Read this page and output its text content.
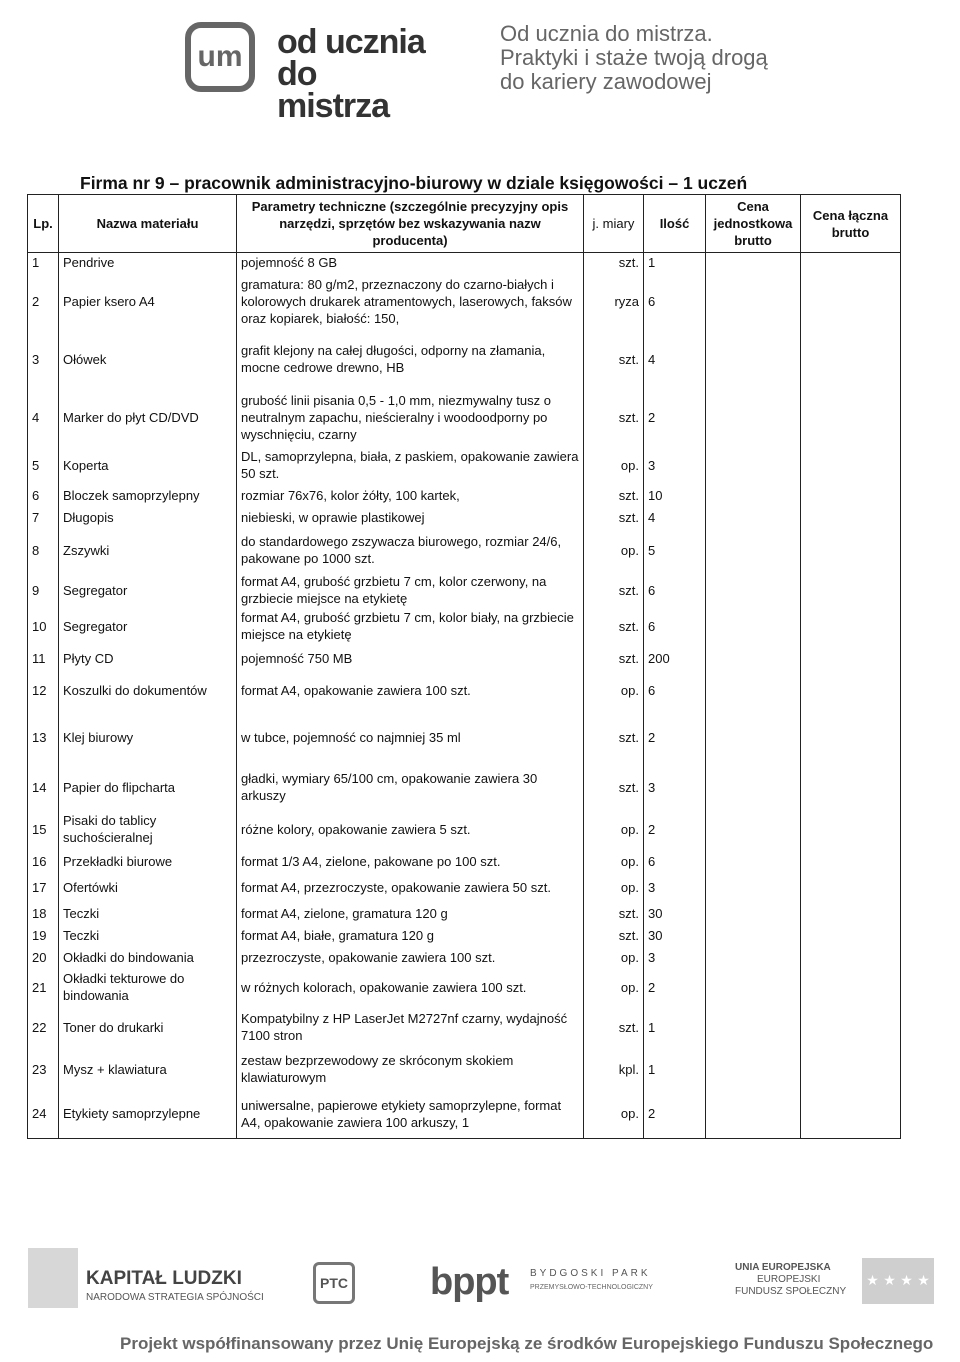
um	od ucznia
do mistrza
Od ucznia do mistrza.
Praktyki i staże twoją drogą
do kariery zawodowej
Firma nr 9 – pracownik administracyjno-biurowy w dziale księgowości – 1 uczeń
Lp.	Nazwa materiału	Parametry techniczne (szczególnie precyzyjny opis narzędzi, sprzętów bez wskazywania nazw producenta)	j. miary	Ilość	Cena jednostkowa brutto	Cena łączna brutto
1	Pendrive	pojemność 8 GB	szt.	1		
2	Papier ksero A4	gramatura: 80 g/m2, przeznaczony do czarno-białych i kolorowych drukarek atramentowych, laserowych, faksów oraz kopiarek, białość: 150,	ryza	6		
3	Ołówek	grafit klejony na całej długości, odporny na złamania, mocne cedrowe drewno, HB	szt.	4		
4	Marker do płyt CD/DVD	grubość linii pisania 0,5 - 1,0 mm, niezmywalny tusz o neutralnym zapachu, nieścieralny i woodoodporny po wyschnięciu, czarny	szt.	2		
5	Koperta	DL, samoprzylepna, biała, z paskiem, opakowanie zawiera 50 szt.	op.	3		
6	Bloczek samoprzylepny	rozmiar 76x76, kolor żółty, 100 kartek,	szt.	10		
7	Długopis	niebieski, w oprawie plastikowej	szt.	4		
8	Zszywki	do standardowego zszywacza biurowego, rozmiar 24/6, pakowane po 1000 szt.	op.	5		
9	Segregator	format A4, grubość grzbietu 7 cm, kolor czerwony, na grzbiecie miejsce na etykietę	szt.	6		
10	Segregator	format A4, grubość grzbietu 7 cm, kolor biały, na grzbiecie miejsce na etykietę	szt.	6		
11	Płyty CD	pojemność 750 MB	szt.	200		
12	Koszulki do dokumentów	format A4, opakowanie zawiera 100 szt.	op.	6		
13	Klej biurowy	w tubce, pojemność co najmniej 35 ml	szt.	2		
14	Papier do flipcharta	gładki, wymiary 65/100 cm, opakowanie zawiera 30 arkuszy	szt.	3		
15	Pisaki do tablicy suchościeralnej	różne kolory, opakowanie zawiera 5 szt.	op.	2		
16	Przekładki biurowe	format 1/3 A4, zielone, pakowane po 100 szt.	op.	6		
17	Ofertówki	format A4, przezroczyste, opakowanie zawiera 50 szt.	op.	3		
18	Teczki	format A4, zielone, gramatura 120 g	szt.	30		
19	Teczki	format A4, białe, gramatura 120 g	szt.	30		
20	Okładki do bindowania	przezroczyste, opakowanie zawiera 100 szt.	op.	3		
21	Okładki tekturowe do bindowania	w różnych kolorach, opakowanie zawiera 100 szt.	op.	2		
22	Toner do drukarki	Kompatybilny z HP LaserJet M2727nf czarny, wydajność 7100 stron	szt.	1		
23	Mysz + klawiatura	zestaw bezprzewodowy ze skróconym skokiem klawiaturowym	kpl.	1		
24	Etykiety samoprzylepne	uniwersalne, papierowe etykiety samoprzylepne, format A4, opakowanie zawiera 100 arkuszy, 1	op.	2		
KAPITAŁ LUDZKI
NARODOWA STRATEGIA SPÓJNOŚCI
PTC bppt BYDGOSKI PARK
PRZEMYSŁOWO-TECHNOLOGICZNY
UNIA EUROPEJSKA
EUROPEJSKI
FUNDUSZ SPOŁECZNY
★ ★ ★ ★
Projekt współfinansowany przez Unię Europejską ze środków Europejskiego Funduszu Społecznego
